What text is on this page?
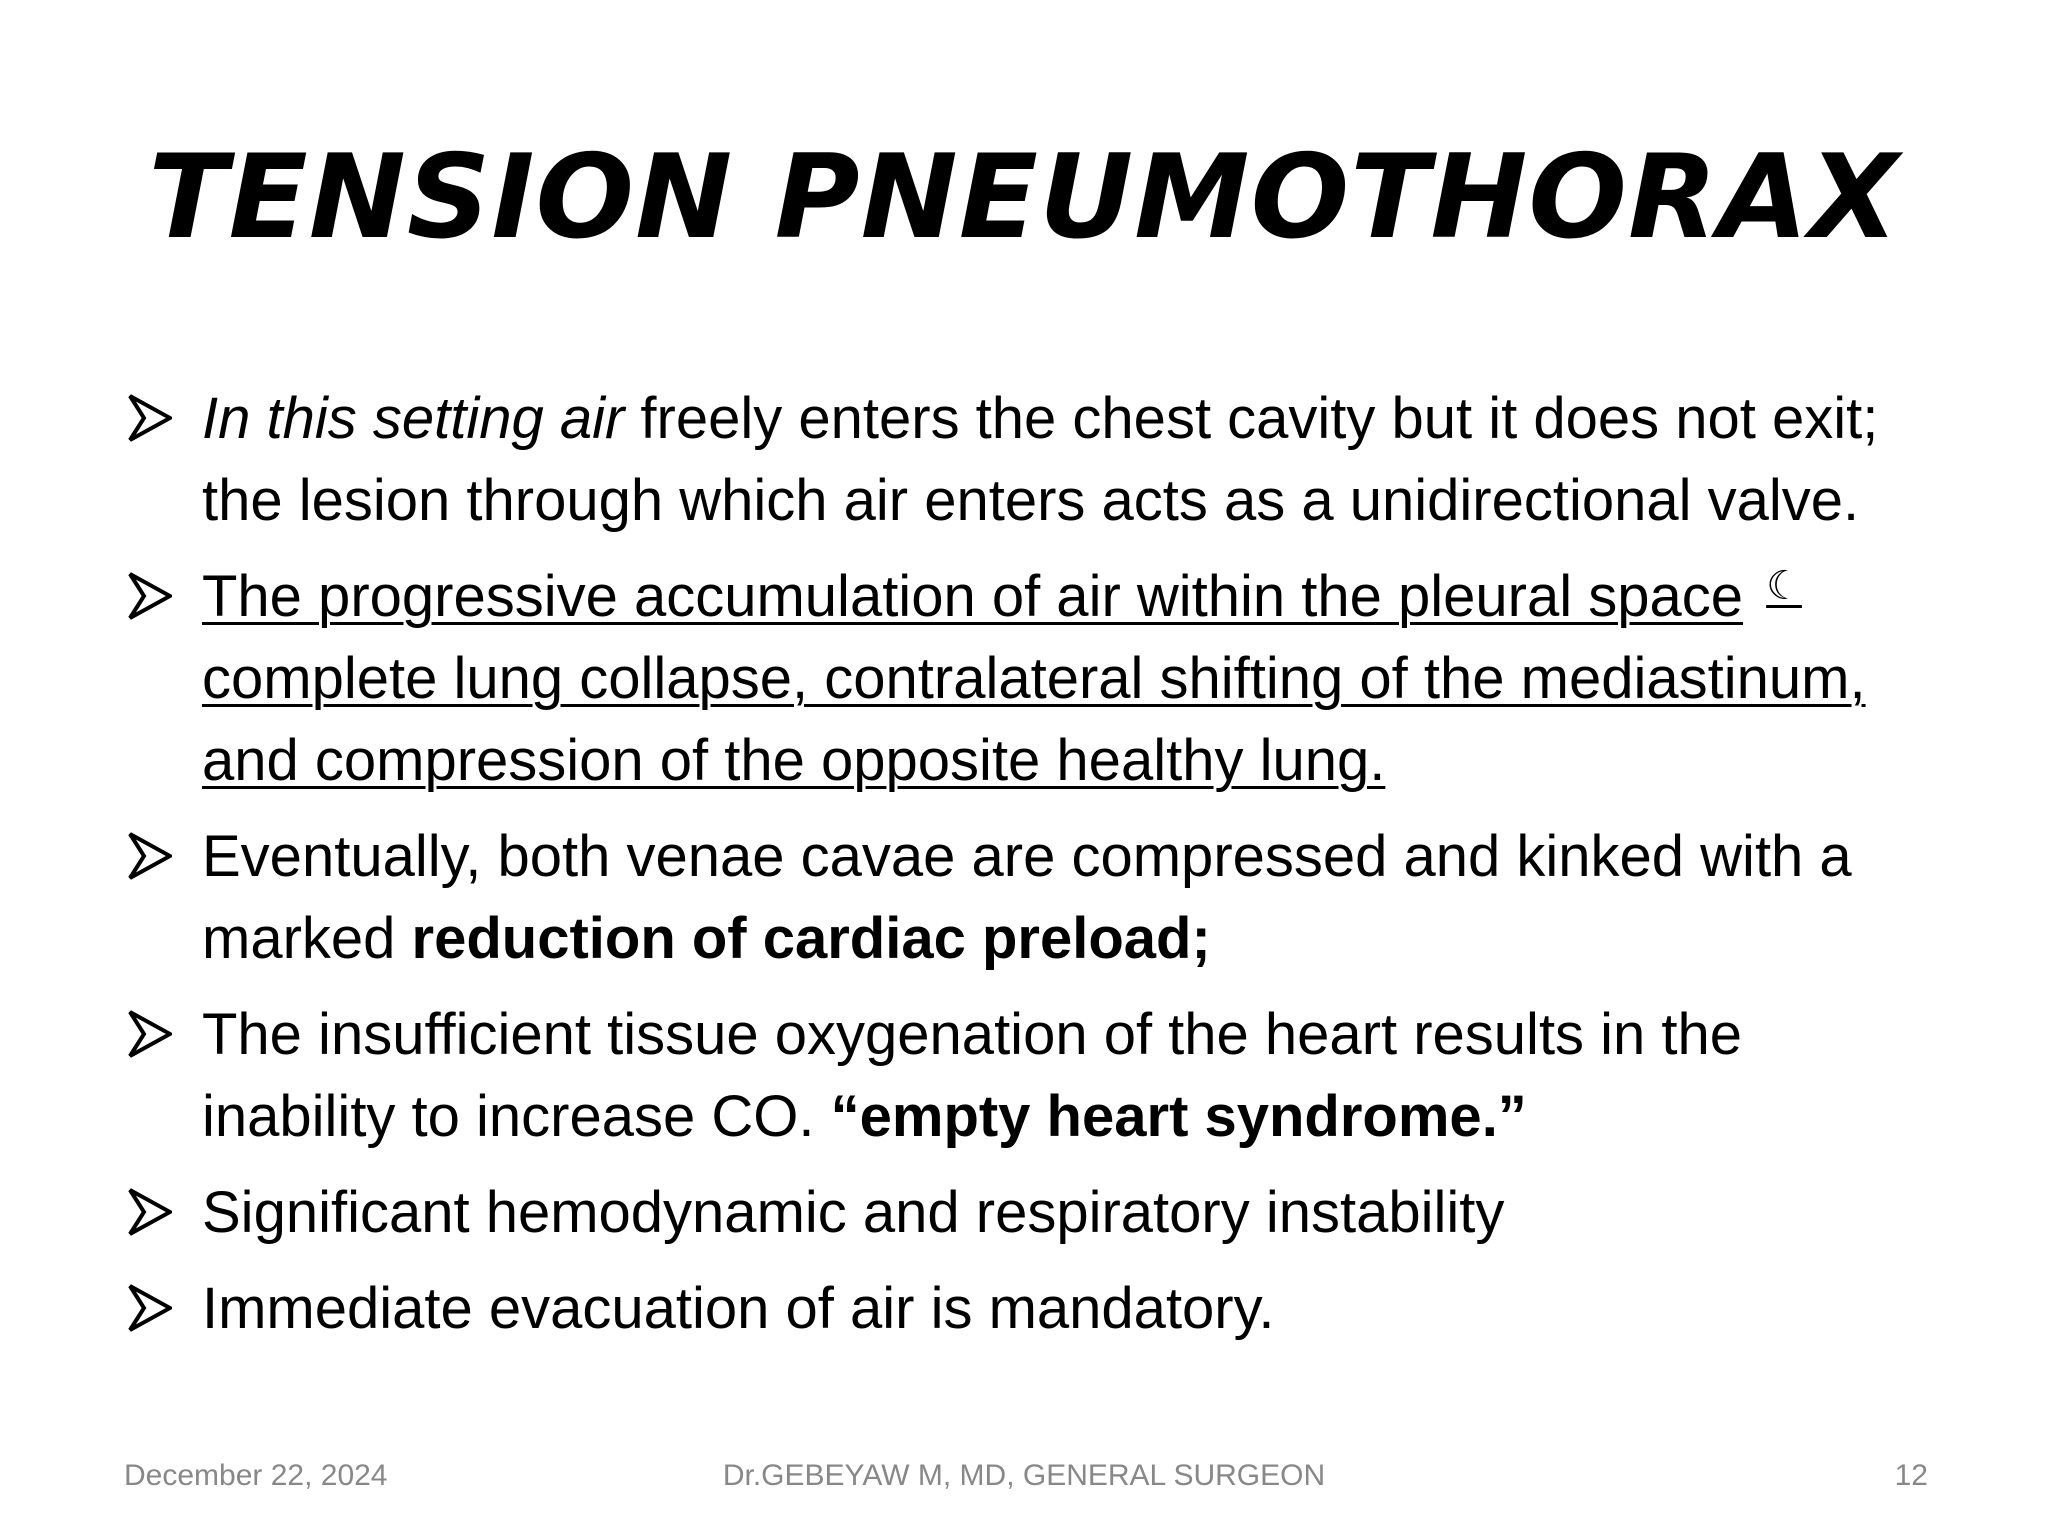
TENSION PNEUMOTHORAX
In this setting air freely enters the chest cavity but it does not exit; the lesion through which air enters acts as a unidirectional valve.
The progressive accumulation of air within the pleural space ☾ complete lung collapse, contralateral shifting of the mediastinum, and compression of the opposite healthy lung.
Eventually, both venae cavae are compressed and kinked with a marked reduction of cardiac preload;
The insufficient tissue oxygenation of the heart results in the inability to increase CO. “empty heart syndrome.”
Significant hemodynamic and respiratory instability
Immediate evacuation of air is mandatory.
December 22, 2024	Dr.GEBEYAW M, MD, GENERAL SURGEON	12
